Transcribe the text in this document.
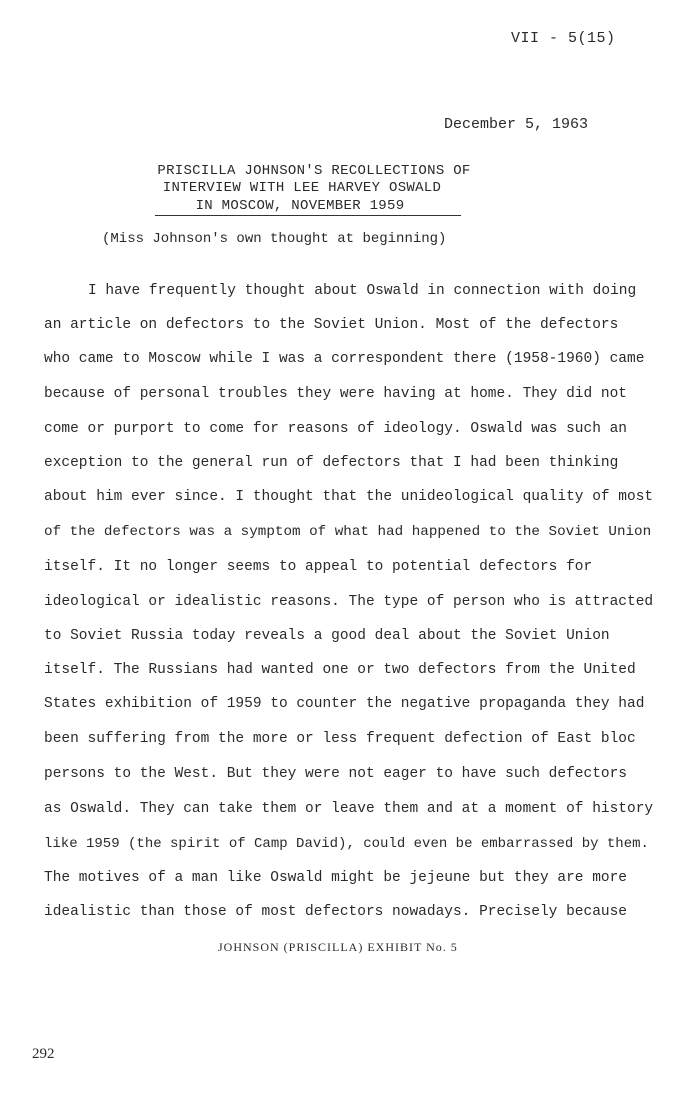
VII - 5(15)
December 5, 1963
PRISCILLA JOHNSON'S RECOLLECTIONS OF
INTERVIEW WITH LEE HARVEY OSWALD
IN MOSCOW, NOVEMBER 1959
(Miss Johnson's own thought at beginning)
I have frequently thought about Oswald in connection with doing
an article on defectors to the Soviet Union. Most of the defectors
who came to Moscow while I was a correspondent there (1958-1960) came
because of personal troubles they were having at home. They did not
come or purport to come for reasons of ideology. Oswald was such an
exception to the general run of defectors that I had been thinking
about him ever since. I thought that the unideological quality of most
of the defectors was a symptom of what had happened to the Soviet Union
itself. It no longer seems to appeal to potential defectors for
ideological or idealistic reasons. The type of person who is attracted
to Soviet Russia today reveals a good deal about the Soviet Union
itself. The Russians had wanted one or two defectors from the United
States exhibition of 1959 to counter the negative propaganda they had
been suffering from the more or less frequent defection of East bloc
persons to the West. But they were not eager to have such defectors
as Oswald. They can take them or leave them and at a moment of history
like 1959 (the spirit of Camp David), could even be embarrassed by them.
The motives of a man like Oswald might be jejeune but they are more
idealistic than those of most defectors nowadays. Precisely because
JOHNSON (PRISCILLA) EXHIBIT No. 5
292
